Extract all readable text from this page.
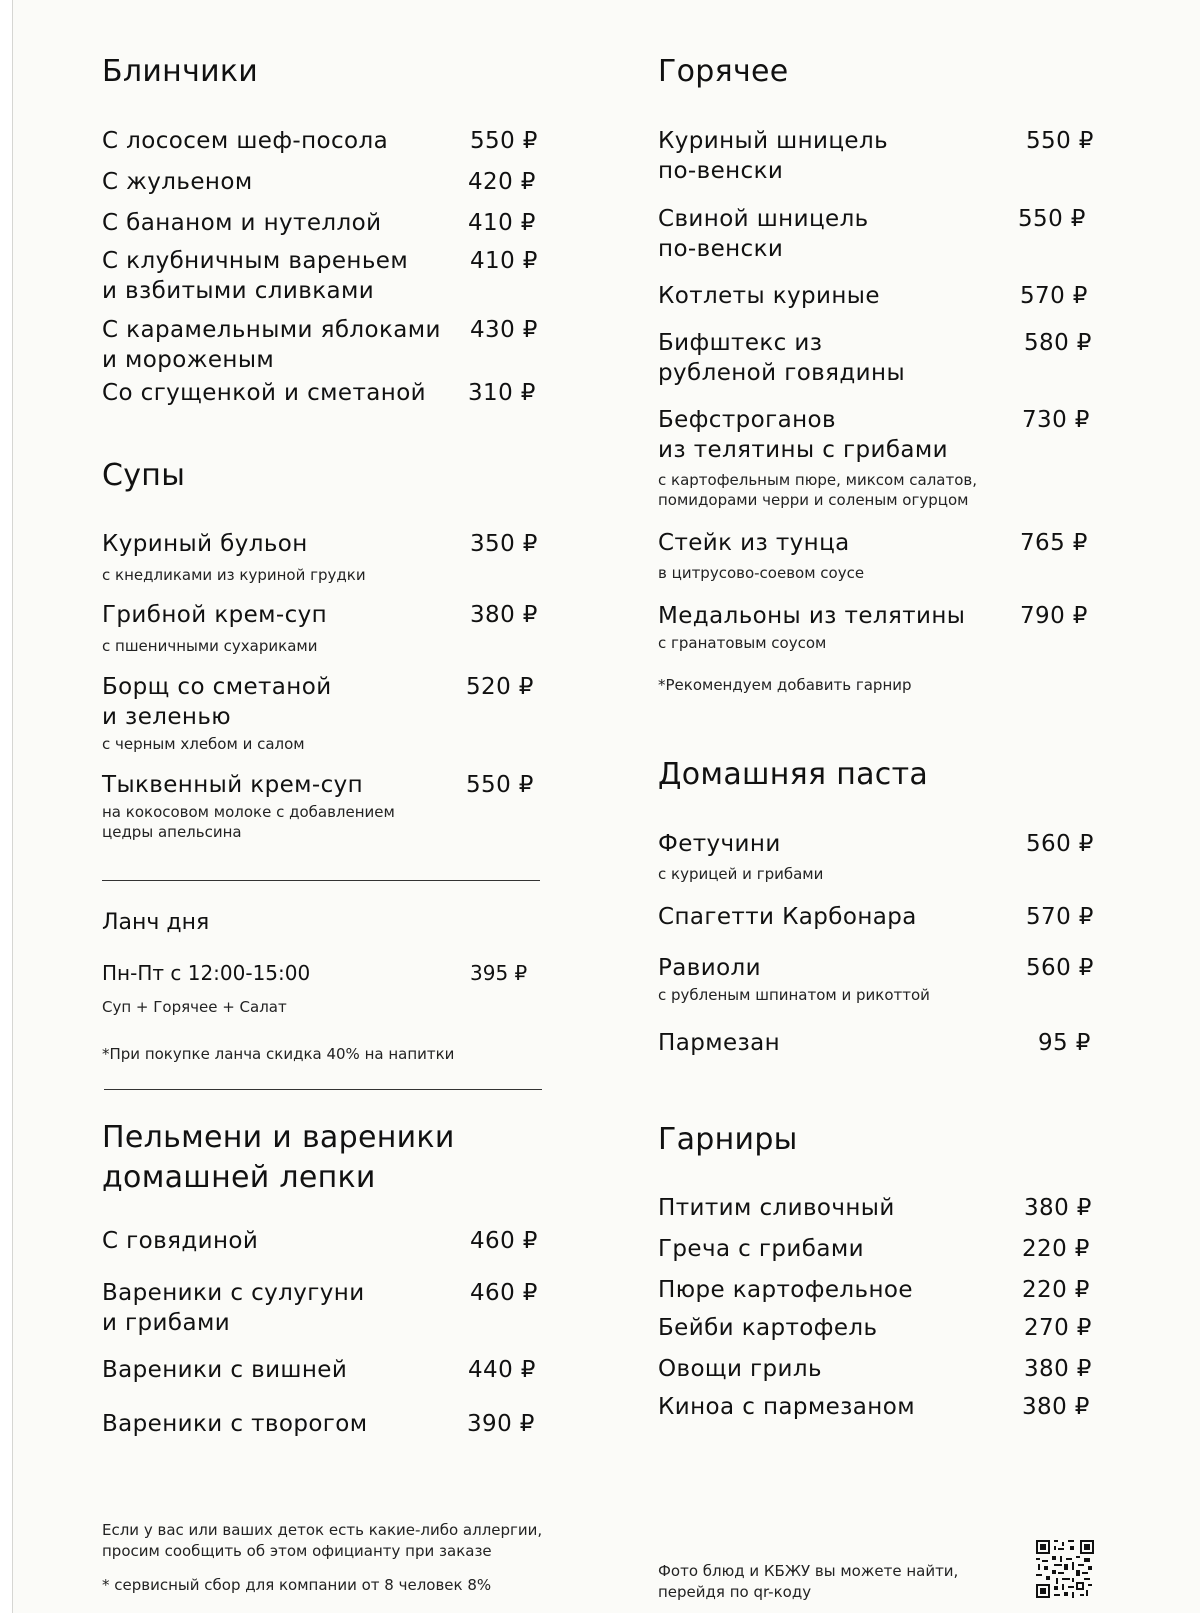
Блинчики
С лососем шеф-посола	550 ₽
С жульеном	420 ₽
С бананом и нутеллой	410 ₽
С клубничным вареньем
и взбитыми сливками
410 ₽
С карамельными яблоками
и мороженым
430 ₽
Со сгущенкой и сметаной 310 ₽
Супы
Куриный бульон	350 ₽
с кнедликами из куриной грудки
Грибной крем-суп	380 ₽
с пшеничными сухариками
Борщ со сметаной
и зеленью
520 ₽
с черным хлебом и салом
Тыквенный крем-суп	550 ₽
на кокосовом молоке с добавлением
цедры апельсина
Ланч дня
Пн-Пт с 12:00-15:00	395 ₽
Суп + Горячее + Салат
*При покупке ланча скидка 40% на напитки
Пельмени и вареники
домашней лепки
С говядиной	460 ₽
Вареники с сулугуни
и грибами
460 ₽
Вареники с вишней	440 ₽
Вареники с творогом	390 ₽
Если у вас или ваших деток есть какие-либо аллергии,
просим сообщить об этом официанту при заказе
* сервисный сбор для компании от 8 человек 8%
Горячее
Куриный шницель
по-венски
550 ₽
Свиной шницель
по-венски
550 ₽
Котлеты куриные	570 ₽
Бифштекс из
рубленой говядины
580 ₽
Бефстроганов
из телятины с грибами
730 ₽
с картофельным пюре, миксом салатов,
помидорами черри и соленым огурцом
Стейк из тунца	765 ₽
в цитрусово-соевом соусе
Медальоны из телятины 790 ₽
с гранатовым соусом
*Рекомендуем добавить гарнир
Домашняя паста
Фетучини	560 ₽
с курицей и грибами
Спагетти Карбонара	570 ₽
Равиоли	560 ₽
с рубленым шпинатом и рикоттой
Пармезан	95 ₽
Гарниры
Птитим сливочный	380 ₽
Греча с грибами	220 ₽
Пюре картофельное	220 ₽
Бейби картофель	270 ₽
Овощи гриль	380 ₽
Киноа с пармезаном	380 ₽
Фото блюд и КБЖУ вы можете найти,
перейдя по qr-коду
